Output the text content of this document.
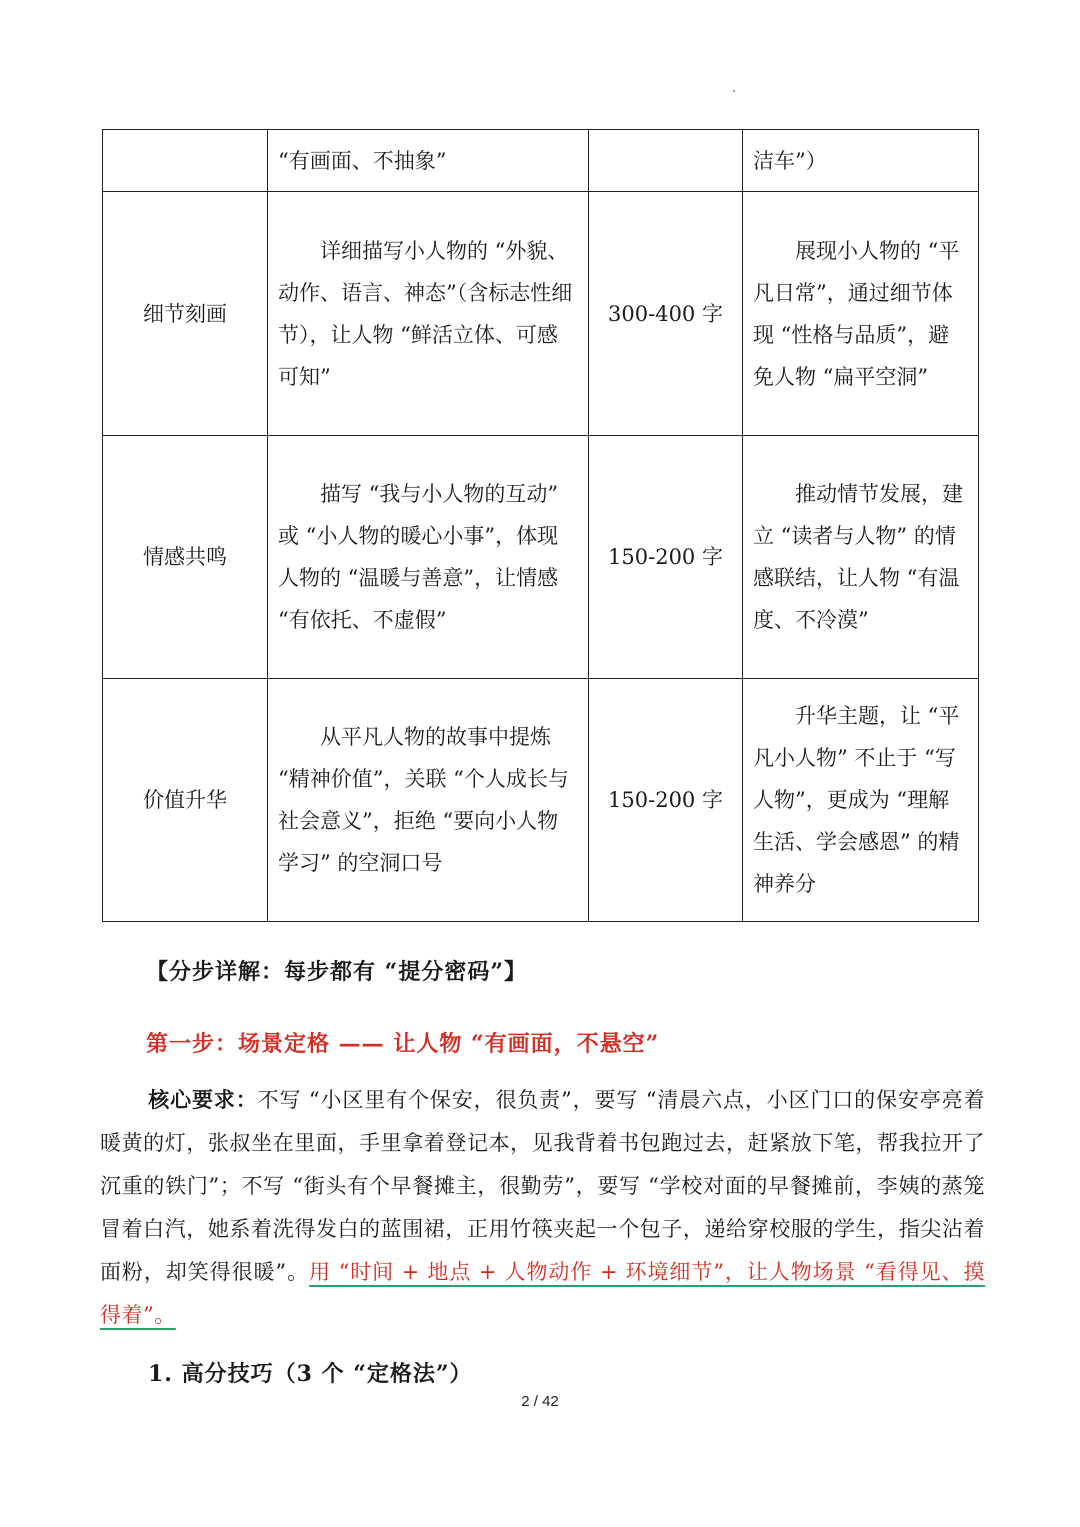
	“有画面、不抽象”		洁车”）
细节刻画	详细描写小人物的 “外貌、动作、语言、神态”（含标志性细节），让人物 “鲜活立体、可感可知”	300-400 字	展现小人物的 “平凡日常”，通过细节体现 “性格与品质”，避免人物 “扁平空洞”
情感共鸣	描写 “我与小人物的互动” 或 “小人物的暖心小事”，体现人物的 “温暖与善意”，让情感 “有依托、不虚假”	150-200 字	推动情节发展，建立 “读者与人物” 的情感联结，让人物 “有温度、不冷漠”
价值升华	从平凡人物的故事中提炼 “精神价值”，关联 “个人成长与社会意义”，拒绝 “要向小人物学习” 的空洞口号	150-200 字	升华主题，让 “平凡小人物” 不止于 “写人物”，更成为 “理解生活、学会感恩” 的精神养分
【分步详解：每步都有 “提分密码”】
第一步：场景定格 —— 让人物 “有画面，不悬空”
核心要求：不写 “小区里有个保安，很负责”，要写 “清晨六点，小区门口的保安亭亮着暖黄的灯，张叔坐在里面，手里拿着登记本，见我背着书包跑过去，赶紧放下笔，帮我拉开了沉重的铁门”；不写 “街头有个早餐摊主，很勤劳”，要写 “学校对面的早餐摊前，李姨的蒸笼冒着白汽，她系着洗得发白的蓝围裙，正用竹筷夹起一个包子，递给穿校服的学生，指尖沾着面粉，却笑得很暖”。用 “时间 + 地点 + 人物动作 + 环境细节”，让人物场景 “看得见、摸得着”。
1. 高分技巧（3 个 “定格法”）
2 / 42
